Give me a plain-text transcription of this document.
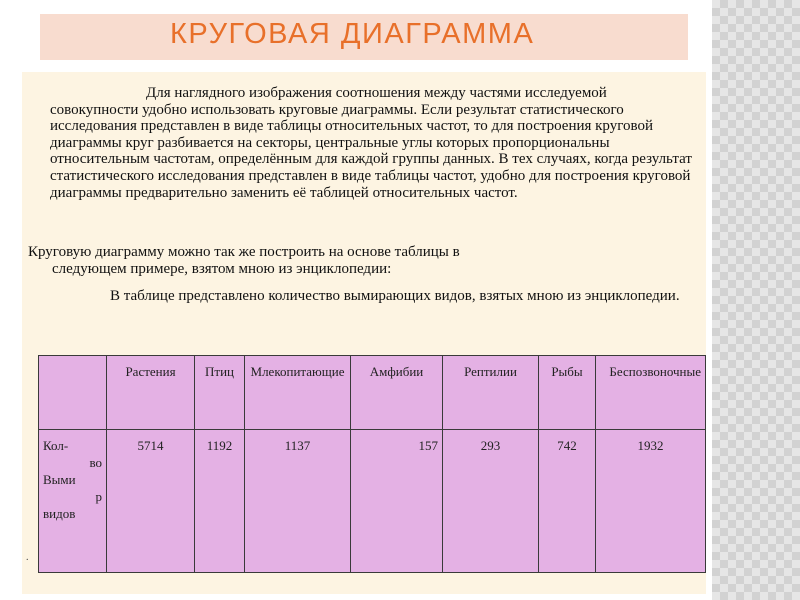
КРУГОВАЯ ДИАГРАММА
Для наглядного изображения соотношения между частями исследуемой совокупности удобно использовать круговые диаграммы. Если результат статистического исследования представлен в виде таблицы относительных частот, то для построения круговой диаграммы круг разбивается на секторы, центральные углы которых пропорциональны относительным частотам, определённым для каждой группы данных. В тех случаях, когда результат статистического исследования представлен в виде таблицы частот, удобно для построения круговой диаграммы предварительно заменить её таблицей относительных частот.
Круговую диаграмму можно так же построить на основе таблицы в
следующем примере, взятом мною из энциклопедии:
В таблице представлено количество вымирающих видов, взятых мною из энциклопедии.
	Растения	Птиц	Млекопитающие	Амфибии	Рептилии	Рыбы	Беспозвоночные

Кол-
во
Выми
р
видов	5714	1192	1137	157	293	742	1932
.
